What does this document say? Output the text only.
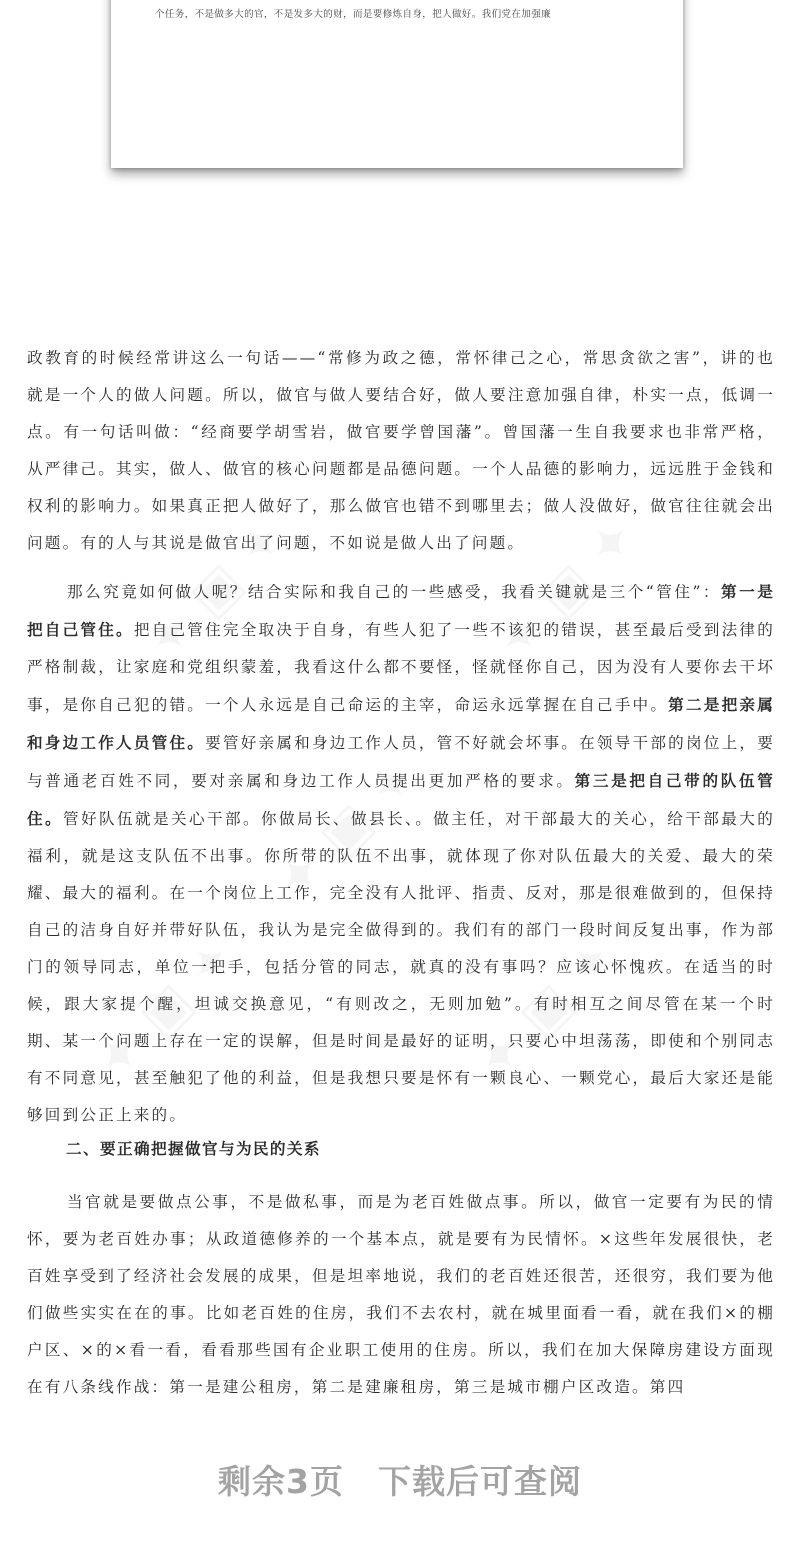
个任务，不是做多大的官，不是发多大的财，而是要修炼自身，把人做好。我们党在加强廉

政教育的时候经常讲这么一句话——“常修为政之德，常怀律己之心，常思贪欲之害”，讲的也就是一个人的做人问题。所以，做官与做人要结合好，做人要注意加强自律，朴实一点，低调一点。有一句话叫做：“经商要学胡雪岩，做官要学曾国藩”。曾国藩一生自我要求也非常严格，从严律己。其实，做人、做官的核心问题都是品德问题。一个人品德的影响力，远远胜于金钱和权利的影响力。如果真正把人做好了，那么做官也错不到哪里去；做人没做好，做官往往就会出问题。有的人与其说是做官出了问题，不如说是做人出了问题。

那么究竟如何做人呢？结合实际和我自己的一些感受，我看关键就是三个“管住”：第一是把自己管住。把自己管住完全取决于自身，有些人犯了一些不该犯的错误，甚至最后受到法律的严格制裁，让家庭和党组织蒙羞，我看这什么都不要怪，怪就怪你自己，因为没有人要你去干坏事，是你自己犯的错。一个人永远是自己命运的主宰，命运永远掌握在自己手中。第二是把亲属和身边工作人员管住。要管好亲属和身边工作人员，管不好就会坏事。在领导干部的岗位上，要与普通老百姓不同，要对亲属和身边工作人员提出更加严格的要求。第三是把自己带的队伍管住。管好队伍就是关心干部。你做局长、做县长、。做主任，对干部最大的关心，给干部最大的福利，就是这支队伍不出事。你所带的队伍不出事，就体现了你对队伍最大的关爱、最大的荣耀、最大的福利。在一个岗位上工作，完全没有人批评、指责、反对，那是很难做到的，但保持自己的洁身自好并带好队伍，我认为是完全做得到的。我们有的部门一段时间反复出事，作为部门的领导同志，单位一把手，包括分管的同志，就真的没有事吗？应该心怀愧疚。在适当的时候，跟大家提个醒，坦诚交换意见，“有则改之，无则加勉”。有时相互之间尽管在某一个时期、某一个问题上存在一定的误解，但是时间是最好的证明，只要心中坦荡荡，即使和个别同志有不同意见，甚至触犯了他的利益，但是我想只要是怀有一颗良心、一颗党心，最后大家还是能够回到公正上来的。

二、要正确把握做官与为民的关系

当官就是要做点公事，不是做私事，而是为老百姓做点事。所以，做官一定要有为民的情怀，要为老百姓办事；从政道德修养的一个基本点，就是要有为民情怀。×这些年发展很快，老百姓享受到了经济社会发展的成果，但是坦率地说，我们的老百姓还很苦，还很穷，我们要为他们做些实实在在的事。比如老百姓的住房，我们不去农村，就在城里面看一看，就在我们×的棚户区、×的×看一看，看看那些国有企业职工使用的住房。所以，我们在加大保障房建设方面现在有八条线作战：第一是建公租房，第二是建廉租房，第三是城市棚户区改造。第四

剩余3页　下载后可查阅
